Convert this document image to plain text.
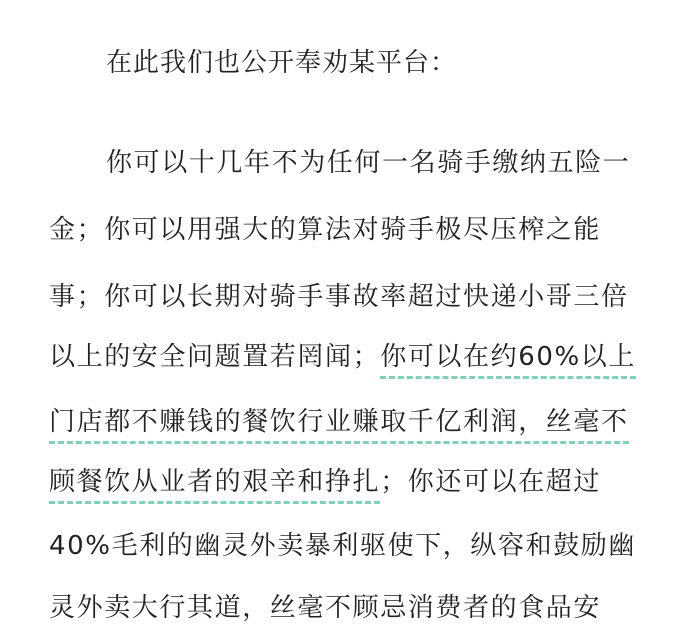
在此我们也公开奉劝某平台：
你可以十几年不为任何一名骑手缴纳五险一
金；你可以用强大的算法对骑手极尽压榨之能
事；你可以长期对骑手事故率超过快递小哥三倍
以上的安全问题置若罔闻；你可以在约60%以上
门店都不赚钱的餐饮行业赚取千亿利润，丝毫不
顾餐饮从业者的艰辛和挣扎；你还可以在超过
40%毛利的幽灵外卖暴利驱使下，纵容和鼓励幽
灵外卖大行其道，丝毫不顾忌消费者的食品安
